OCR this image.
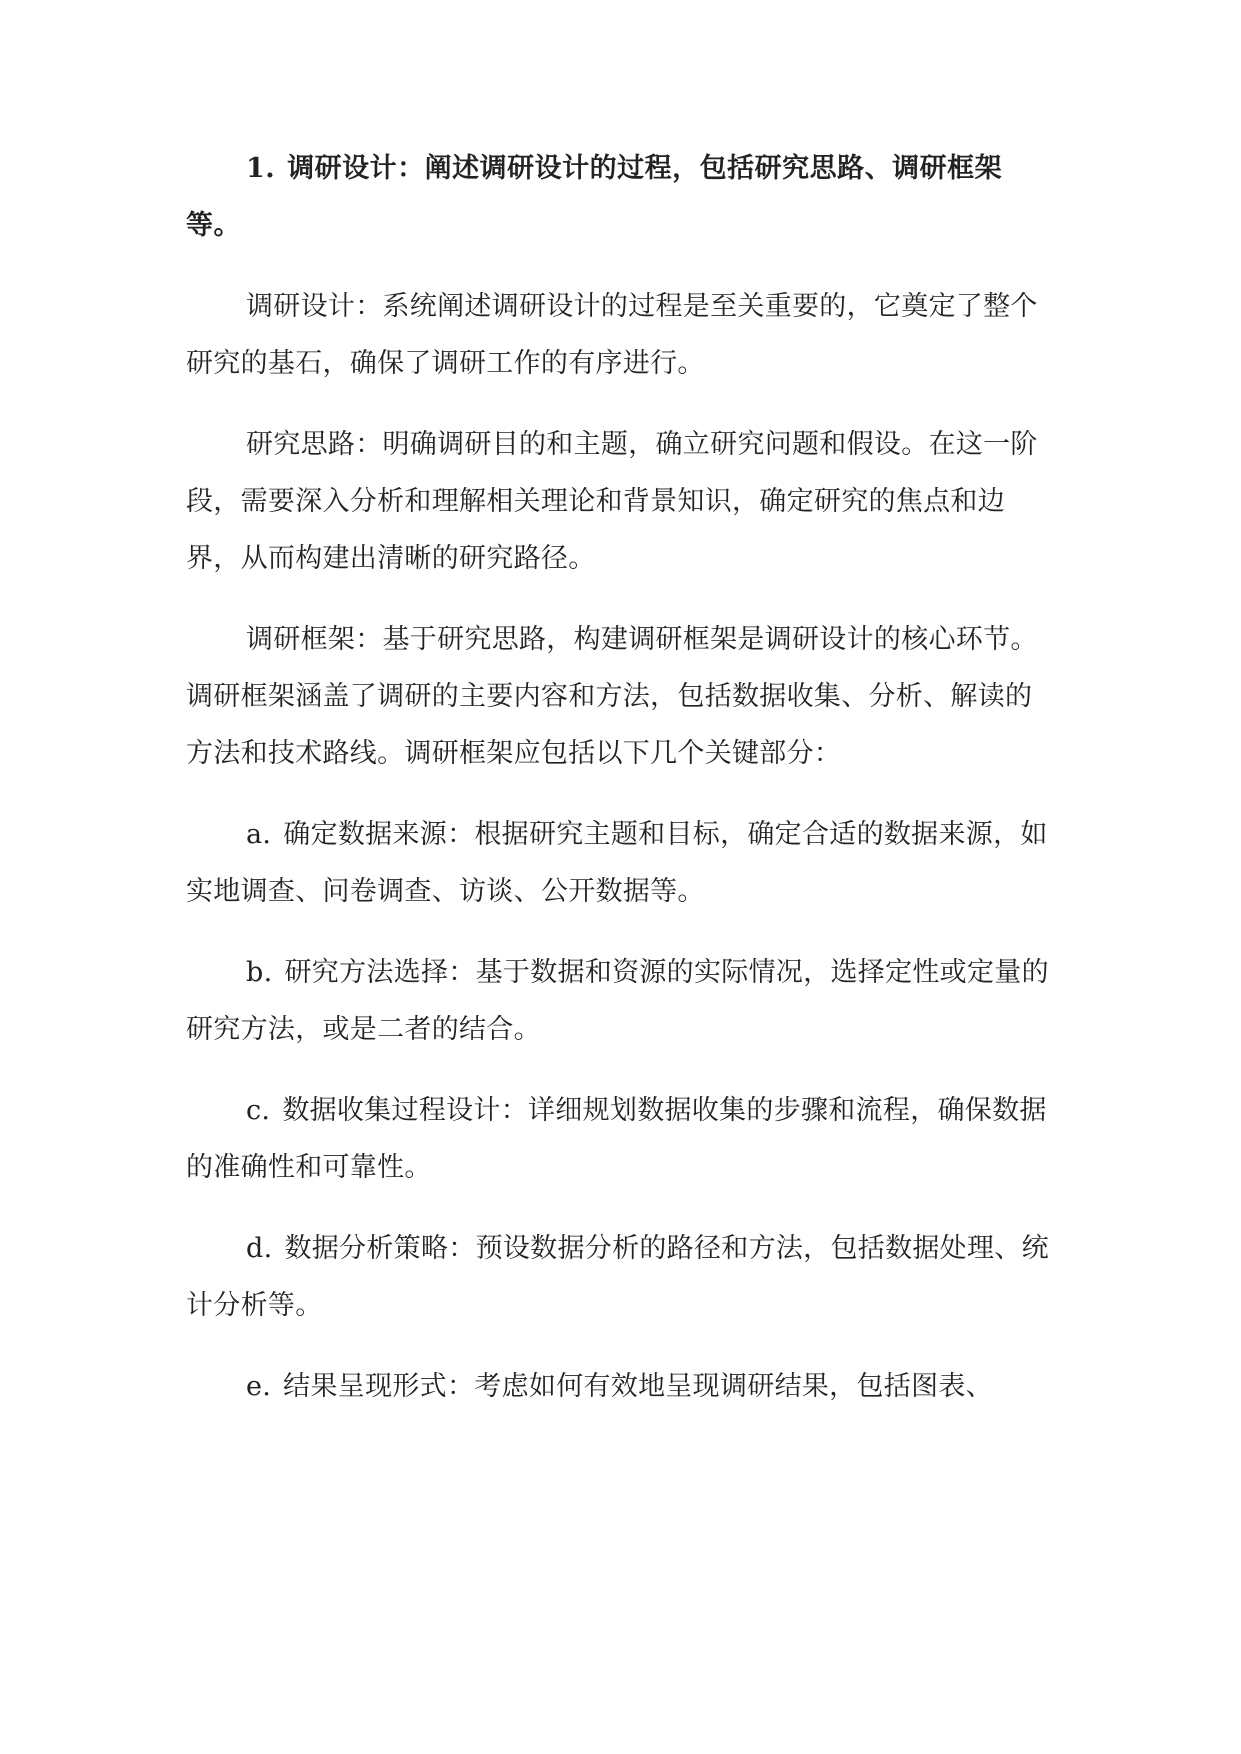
1. 调研设计：阐述调研设计的过程，包括研究思路、调研框架等。

调研设计：系统阐述调研设计的过程是至关重要的，它奠定了整个研究的基石，确保了调研工作的有序进行。

研究思路：明确调研目的和主题，确立研究问题和假设。在这一阶段，需要深入分析和理解相关理论和背景知识，确定研究的焦点和边界，从而构建出清晰的研究路径。

调研框架：基于研究思路，构建调研框架是调研设计的核心环节。调研框架涵盖了调研的主要内容和方法，包括数据收集、分析、解读的方法和技术路线。调研框架应包括以下几个关键部分：

a. 确定数据来源：根据研究主题和目标，确定合适的数据来源，如实地调查、问卷调查、访谈、公开数据等。

b. 研究方法选择：基于数据和资源的实际情况，选择定性或定量的研究方法，或是二者的结合。

c. 数据收集过程设计：详细规划数据收集的步骤和流程，确保数据的准确性和可靠性。

d. 数据分析策略：预设数据分析的路径和方法，包括数据处理、统计分析等。

e. 结果呈现形式：考虑如何有效地呈现调研结果，包括图表、
